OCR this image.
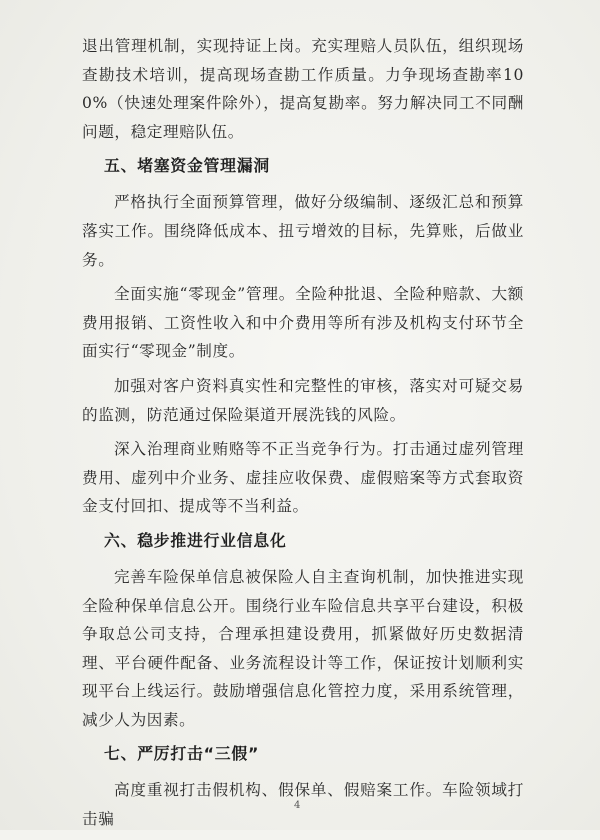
退出管理机制，实现持证上岗。充实理赔人员队伍，组织现场查勘技术培训，提高现场查勘工作质量。力争现场查勘率100%（快速处理案件除外），提高复勘率。努力解决同工不同酬问题，稳定理赔队伍。

五、堵塞资金管理漏洞

严格执行全面预算管理，做好分级编制、逐级汇总和预算落实工作。围绕降低成本、扭亏增效的目标，先算账，后做业务。

全面实施“零现金”管理。全险种批退、全险种赔款、大额费用报销、工资性收入和中介费用等所有涉及机构支付环节全面实行“零现金”制度。

加强对客户资料真实性和完整性的审核，落实对可疑交易的监测，防范通过保险渠道开展洗钱的风险。

深入治理商业贿赂等不正当竞争行为。打击通过虚列管理费用、虚列中介业务、虚挂应收保费、虚假赔案等方式套取资金支付回扣、提成等不当利益。

六、稳步推进行业信息化

完善车险保单信息被保险人自主查询机制，加快推进实现全险种保单信息公开。围绕行业车险信息共享平台建设，积极争取总公司支持，合理承担建设费用，抓紧做好历史数据清理、平台硬件配备、业务流程设计等工作，保证按计划顺利实现平台上线运行。鼓励增强信息化管控力度，采用系统管理，减少人为因素。

七、严厉打击“三假”

高度重视打击假机构、假保单、假赔案工作。车险领域打击骗

4
